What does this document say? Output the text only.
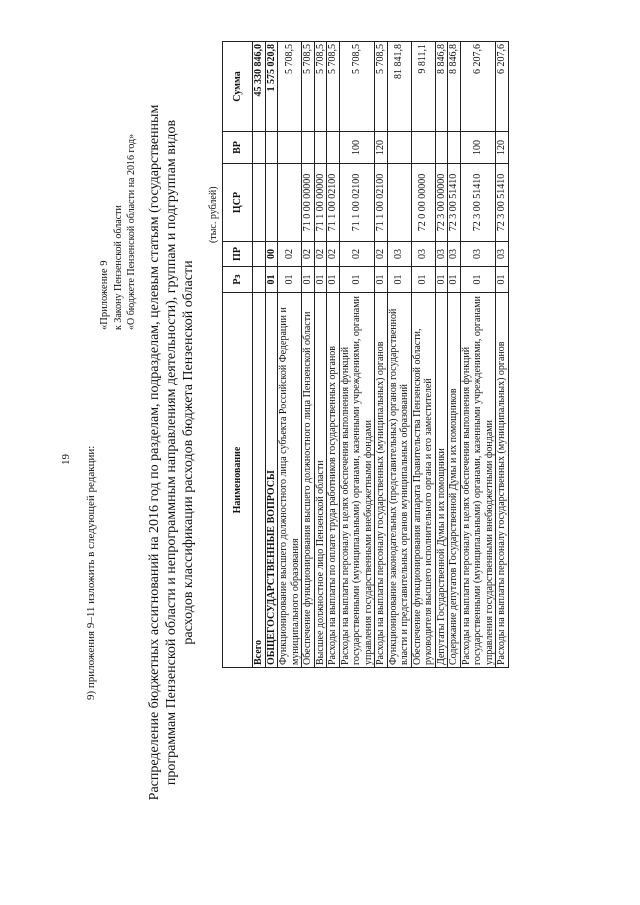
19 9) приложения 9–11 изложить в следующей редакции:
«Приложение 9 к Закону Пензенской области «О бюджете Пензенской области на 2016 год» Распределение бюджетных ассигнований на 2016 год по разделам, подразделам, целевым статьям (государственным программам Пензенской области и непрограммным направлениям деятельности), группам и подгруппам видов расходов классификации расходов бюджета Пензенской области
(тыс. рублей)
Наименование	Рз	ПР	ЦСР	ВР	Сумма

Всего					45 330 846,0

ОБЩЕГОСУДАРСТВЕННЫЕ ВОПРОСЫ	01	00			1 575 020,8

Функционирование высшего должностного лица субъекта Российской Федерации и муниципального образования	01	02			5 708,5

Обеспечение функционирования высшего должностного лица Пензенской области	01	02	71 0 00 00000		5 708,5

Высшее должностное лицо Пензенской области	01	02	71 1 00 00000		5 708,5

Расходы на выплаты по оплате труда работников государственных органов	01	02	71 1 00 02100		5 708,5

Расходы на выплаты персоналу в целях обеспечения выполнения функций государственными (муниципальными) органами, казенными учреждениями, органами управления государственными внебюджетными фондами	01	02	71 1 00 02100	100	5 708,5

Расходы на выплаты персоналу государственных (муниципальных) органов	01	02	71 1 00 02100	120	5 708,5

Функционирование законодательных (представительных) органов государственной власти и представительных органов муниципальных образований	01	03			81 841,8

Обеспечение функционирования аппарата Правительства Пензенской области, руководителя высшего исполнительного органа и его заместителей	01	03	72 0 00 00000		9 811,1

Депутаты Государственной Думы и их помощники	01	03	72 3 00 00000		8 846,8

Содержание депутатов Государственной Думы и их помощников	01	03	72 3 00 51410		8 846,8

Расходы на выплаты персоналу в целях обеспечения выполнения функций государственными (муниципальными) органами, казенными учреждениями, органами управления государственными внебюджетными фондами	01	03	72 3 00 51410	100	6 207,6

Расходы на выплаты персоналу государственных (муниципальных) органов	01	03	72 3 00 51410	120	6 207,6
